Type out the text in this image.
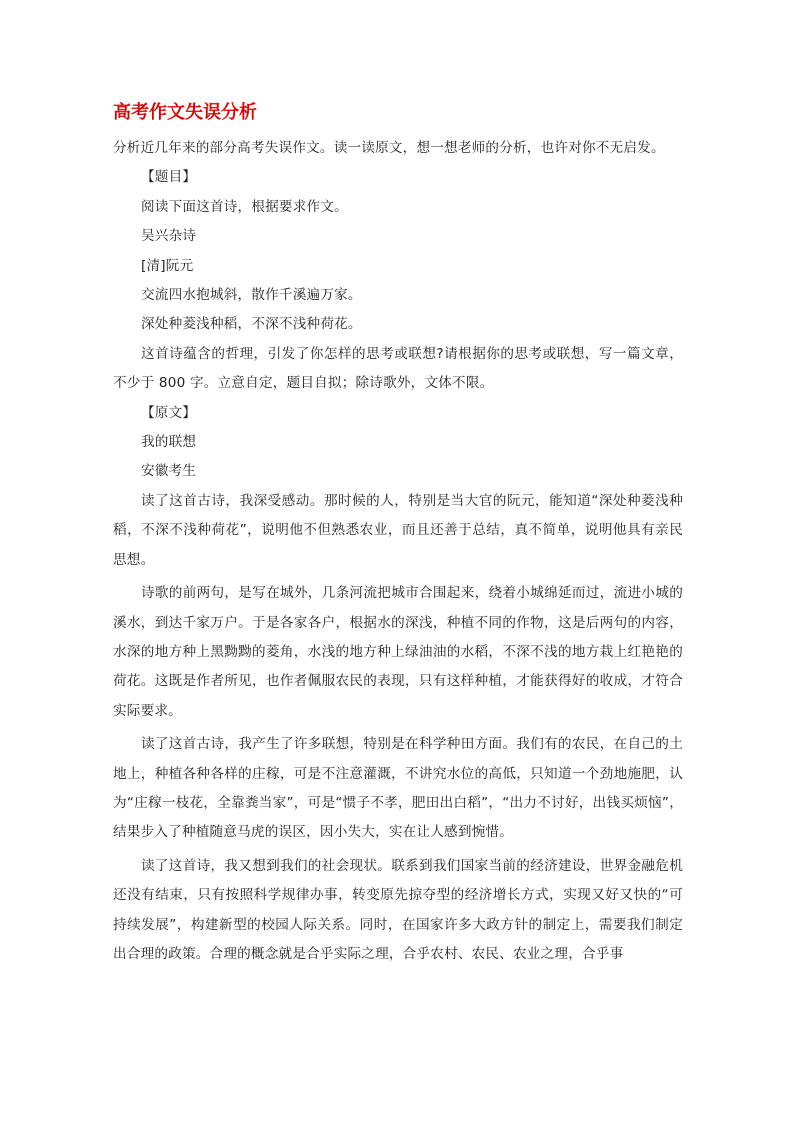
高考作文失误分析

分析近几年来的部分高考失误作文。读一读原文，想一想老师的分析，也许对你不无启发。

【题目】

阅读下面这首诗，根据要求作文。

吴兴杂诗

[清]阮元

交流四水抱城斜，散作千溪遍万家。

深处种菱浅种稻，不深不浅种荷花。

这首诗蕴含的哲理，引发了你怎样的思考或联想?请根据你的思考或联想，写一篇文章，不少于 800 字。立意自定，题目自拟；除诗歌外，文体不限。

【原文】

我的联想

安徽考生

读了这首古诗，我深受感动。那时候的人，特别是当大官的阮元，能知道“深处种菱浅种稻，不深不浅种荷花”，说明他不但熟悉农业，而且还善于总结，真不简单，说明他具有亲民思想。

诗歌的前两句，是写在城外，几条河流把城市合围起来，绕着小城绵延而过，流进小城的溪水，到达千家万户。于是各家各户，根据水的深浅，种植不同的作物，这是后两句的内容，水深的地方种上黑黝黝的菱角，水浅的地方种上绿油油的水稻，不深不浅的地方栽上红艳艳的荷花。这既是作者所见，也作者佩服农民的表现，只有这样种植，才能获得好的收成，才符合实际要求。

读了这首古诗，我产生了许多联想，特别是在科学种田方面。我们有的农民，在自己的土地上，种植各种各样的庄稼，可是不注意灌溉，不讲究水位的高低，只知道一个劲地施肥，认为“庄稼一枝花，全靠粪当家”，可是“惯子不孝，肥田出白稻”，“出力不讨好，出钱买烦恼”，结果步入了种植随意马虎的误区，因小失大，实在让人感到惋惜。

读了这首诗，我又想到我们的社会现状。联系到我们国家当前的经济建设，世界金融危机还没有结束，只有按照科学规律办事，转变原先掠夺型的经济增长方式，实现又好又快的“可持续发展”，构建新型的校园人际关系。同时，在国家许多大政方针的制定上，需要我们制定出合理的政策。合理的概念就是合乎实际之理，合乎农村、农民、农业之理，合乎事
